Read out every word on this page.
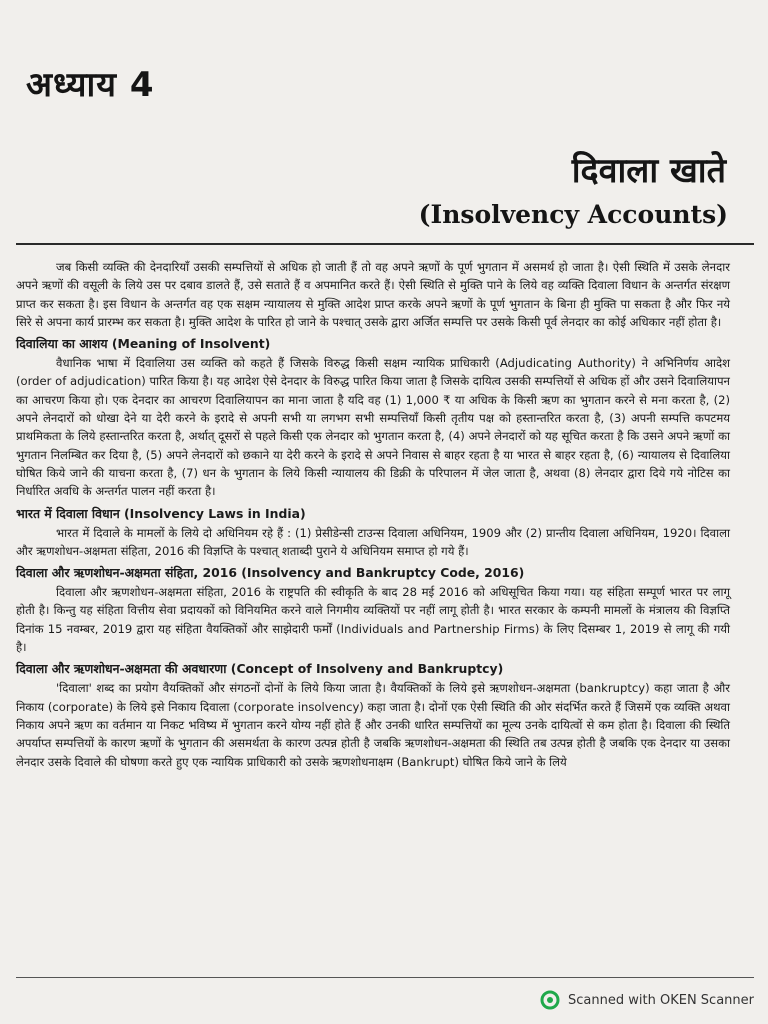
अध्याय 4
दिवाला खाते
(Insolvency Accounts)

जब किसी व्यक्ति की देनदारियाँ उसकी सम्पत्तियों से अधिक हो जाती हैं तो वह अपने ऋणों के पूर्ण भुगतान में असमर्थ हो जाता है। ऐसी स्थिति में उसके लेनदार अपने ऋणों की वसूली के लिये उस पर दबाव डालते हैं, उसे सताते हैं व अपमानित करते हैं। ऐसी स्थिति से मुक्ति पाने के लिये वह व्यक्ति दिवाला विधान के अन्तर्गत संरक्षण प्राप्त कर सकता है। इस विधान के अन्तर्गत वह एक सक्षम न्यायालय से मुक्ति आदेश प्राप्त करके अपने ऋणों के पूर्ण भुगतान के बिना ही मुक्ति पा सकता है और फिर नये सिरे से अपना कार्य प्रारम्भ कर सकता है। मुक्ति आदेश के पारित हो जाने के पश्चात् उसके द्वारा अर्जित सम्पत्ति पर उसके किसी पूर्व लेनदार का कोई अधिकार नहीं होता है।

दिवालिया का आशय (Meaning of Insolvent)

वैधानिक भाषा में दिवालिया उस व्यक्ति को कहते हैं जिसके विरुद्ध किसी सक्षम न्यायिक प्राधिकारी (Adjudicating Authority) ने अभिनिर्णय आदेश (order of adjudication) पारित किया है। यह आदेश ऐसे देनदार के विरुद्ध पारित किया जाता है जिसके दायित्व उसकी सम्पत्तियों से अधिक हों और उसने दिवालियापन का आचरण किया हो। एक देनदार का आचरण दिवालियापन का माना जाता है यदि वह (1) 1,000 ₹ या अधिक के किसी ऋण का भुगतान करने से मना करता है, (2) अपने लेनदारों को धोखा देने या देरी करने के इरादे से अपनी सभी या लगभग सभी सम्पत्तियाँ किसी तृतीय पक्ष को हस्तान्तरित करता है, (3) अपनी सम्पत्ति कपटमय प्राथमिकता के लिये हस्तान्तरित करता है, अर्थात् दूसरों से पहले किसी एक लेनदार को भुगतान करता है, (4) अपने लेनदारों को यह सूचित करता है कि उसने अपने ऋणों का भुगतान निलम्बित कर दिया है, (5) अपने लेनदारों को छकाने या देरी करने के इरादे से अपने निवास से बाहर रहता है या भारत से बाहर रहता है, (6) न्यायालय से दिवालिया घोषित किये जाने की याचना करता है, (7) धन के भुगतान के लिये किसी न्यायालय की डिक्री के परिपालन में जेल जाता है, अथवा (8) लेनदार द्वारा दिये गये नोटिस का निर्धारित अवधि के अन्तर्गत पालन नहीं करता है।

भारत में दिवाला विधान (Insolvency Laws in India)

भारत में दिवाले के मामलों के लिये दो अधिनियम रहे हैं : (1) प्रेसीडेन्सी टाउन्स दिवाला अधिनियम, 1909 और (2) प्रान्तीय दिवाला अधिनियम, 1920। दिवाला और ऋणशोधन-अक्षमता संहिता, 2016 की विज्ञप्ति के पश्चात् शताब्दी पुराने ये अधिनियम समाप्त हो गये हैं।

दिवाला और ऋणशोधन-अक्षमता संहिता, 2016 (Insolvency and Bankruptcy Code, 2016)

दिवाला और ऋणशोधन-अक्षमता संहिता, 2016 के राष्ट्रपति की स्वीकृति के बाद 28 मई 2016 को अधिसूचित किया गया। यह संहिता सम्पूर्ण भारत पर लागू होती है। किन्तु यह संहिता वित्तीय सेवा प्रदायकों को विनियमित करने वाले निगमीय व्यक्तियों पर नहीं लागू होती है। भारत सरकार के कम्पनी मामलों के मंत्रालय की विज्ञप्ति दिनांक 15 नवम्बर, 2019 द्वारा यह संहिता वैयक्तिकों और साझेदारी फर्मों (Individuals and Partnership Firms) के लिए दिसम्बर 1, 2019 से लागू की गयी है।

दिवाला और ऋणशोधन-अक्षमता की अवधारणा (Concept of Insolveny and Bankruptcy)

'दिवाला' शब्द का प्रयोग वैयक्तिकों और संगठनों दोनों के लिये किया जाता है। वैयक्तिकों के लिये इसे ऋणशोधन-अक्षमता (bankruptcy) कहा जाता है और निकाय (corporate) के लिये इसे निकाय दिवाला (corporate insolvency) कहा जाता है। दोनों एक ऐसी स्थिति की ओर संदर्भित करते हैं जिसमें एक व्यक्ति अथवा निकाय अपने ऋण का वर्तमान या निकट भविष्य में भुगतान करने योग्य नहीं होते हैं और उनकी धारित सम्पत्तियों का मूल्य उनके दायित्वों से कम होता है। दिवाला की स्थिति अपर्याप्त सम्पत्तियों के कारण ऋणों के भुगतान की असमर्थता के कारण उत्पन्न होती है जबकि ऋणशोधन-अक्षमता की स्थिति तब उत्पन्न होती है जबकि एक देनदार या उसका लेनदार उसके दिवाले की घोषणा करते हुए एक न्यायिक प्राधिकारी को उसके ऋणशोधनाक्षम (Bankrupt) घोषित किये जाने के लिये

Scanned with OKEN Scanner
